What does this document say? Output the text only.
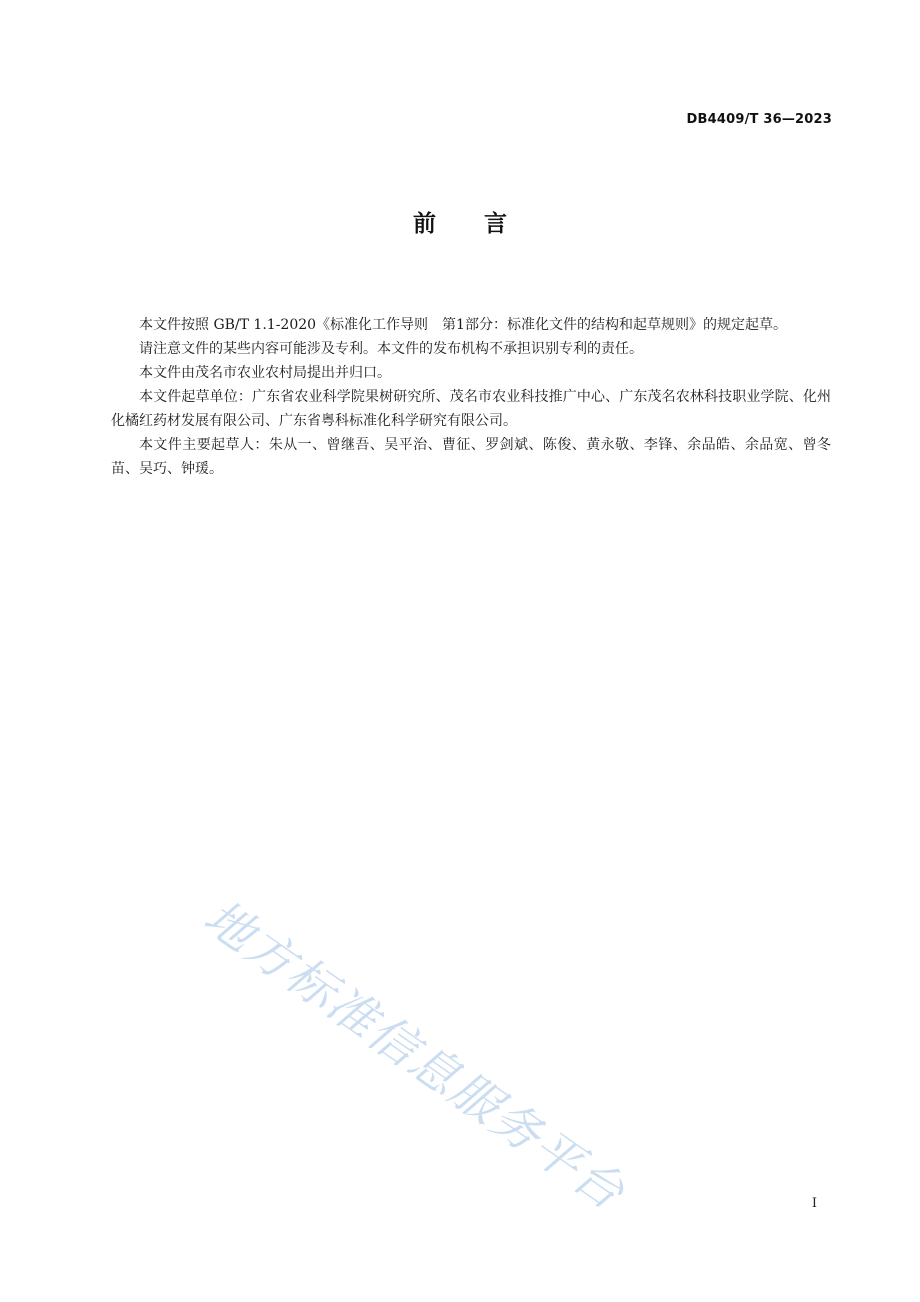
DB4409/T 36—2023
前言

本文件按照 GB/T 1.1-2020《标准化工作导则　第1部分：标准化文件的结构和起草规则》的规定起草。

请注意文件的某些内容可能涉及专利。本文件的发布机构不承担识别专利的责任。

本文件由茂名市农业农村局提出并归口。

本文件起草单位：广东省农业科学院果树研究所、茂名市农业科技推广中心、广东茂名农林科技职业学院、化州化橘红药材发展有限公司、广东省粤科标准化科学研究有限公司。

本文件主要起草人：朱从一、曾继吾、吴平治、曹征、罗剑斌、陈俊、黄永敬、李锋、余品皓、余品宽、曾冬苗、吴巧、钟瑗。

地方标准信息服务平台	I
